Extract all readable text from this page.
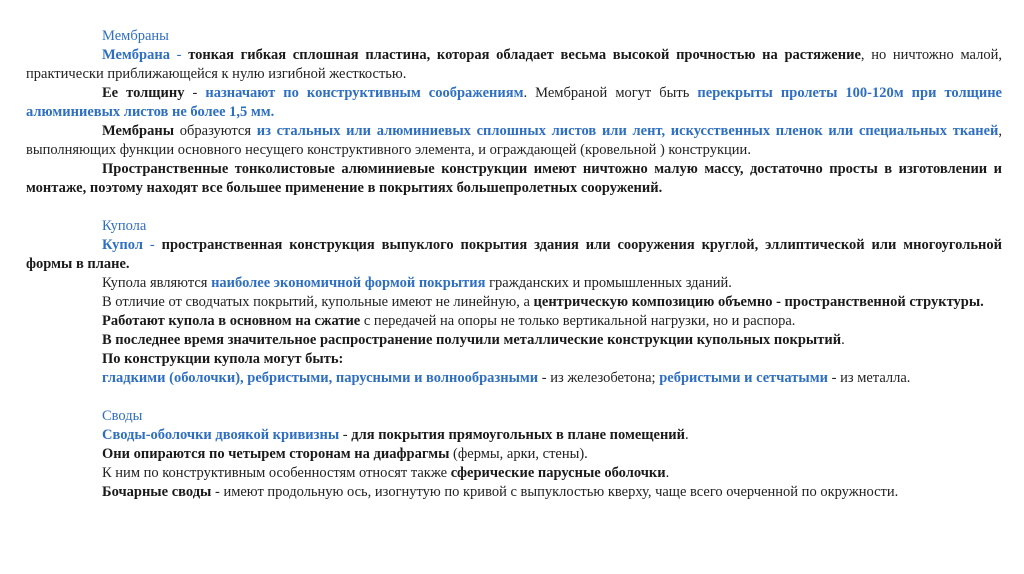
Мембраны

Мембрана - тонкая гибкая сплошная пластина, которая обладает весьма высокой прочностью на растяжение, но ничтожно малой, практически приближающейся к нулю изгибной жесткостью.

Ее толщину - назначают по конструктивным соображениям. Мембраной могут быть перекрыты пролеты 100-120м при толщине алюминиевых листов не более 1,5 мм.

Мембраны образуются из стальных или алюминиевых сплошных листов или лент, искусственных пленок или специальных тканей, выполняющих функции основного несущего конструктивного элемента, и ограждающей (кровельной ) конструкции.

Пространственные тонколистовые алюминиевые конструкции имеют ничтожно малую массу, достаточно просты в изготовлении и монтаже, поэтому находят все большее применение в покрытиях большепролетных сооружений.

Купола

Купол - пространственная конструкция выпуклого покрытия здания или сооружения круглой, эллиптической или многоугольной формы в плане.

Купола являются наиболее экономичной формой покрытия гражданских и промышленных зданий.

В отличие от сводчатых покрытий, купольные имеют не линейную, а центрическую композицию объемно - пространственной структуры.

Работают купола в основном на сжатие с передачей на опоры не только вертикальной нагрузки, но и распора.

В последнее время значительное распространение получили металлические конструкции купольных покрытий.

По конструкции купола могут быть:

гладкими (оболочки), ребристыми, парусными и волнообразными - из железобетона; ребристыми и сетчатыми - из металла.

Своды

Своды-оболочки двоякой кривизны - для покрытия прямоугольных в плане помещений.

Они опираются по четырем сторонам на диафрагмы (фермы, арки, стены).

К ним по конструктивным особенностям относят также сферические парусные оболочки.

Бочарные своды - имеют продольную ось, изогнутую по кривой с выпуклостью кверху, чаще всего очерченной по окружности.
